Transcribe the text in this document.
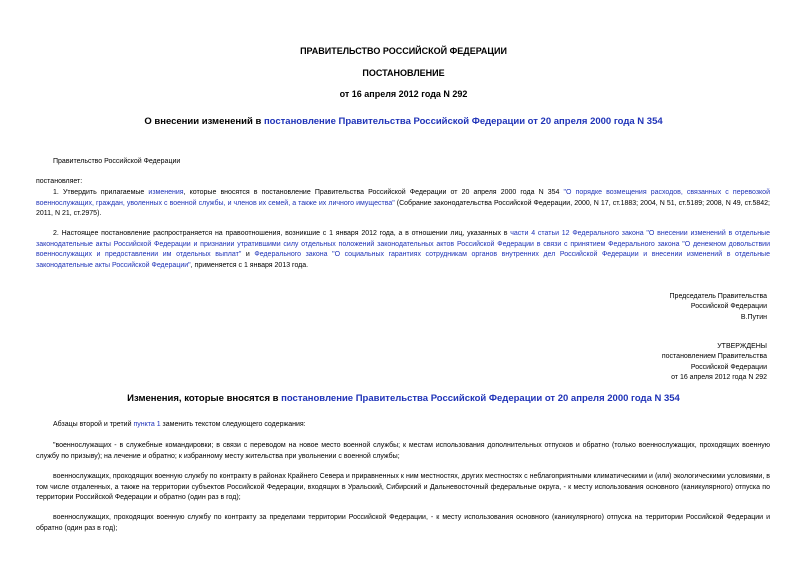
ПРАВИТЕЛЬСТВО РОССИЙСКОЙ ФЕДЕРАЦИИ
ПОСТАНОВЛЕНИЕ
от 16 апреля 2012 года N 292
О внесении изменений в постановление Правительства Российской Федерации от 20 апреля 2000 года N 354
Правительство Российской Федерации
постановляет:
1. Утвердить прилагаемые изменения, которые вносятся в постановление Правительства Российской Федерации от 20 апреля 2000 года N 354 "О порядке возмещения расходов, связанных с перевозкой военнослужащих, граждан, уволенных с военной службы, и членов их семей, а также их личного имущества" (Собрание законодательства Российской Федерации, 2000, N 17, ст.1883; 2004, N 51, ст.5189; 2008, N 49, ст.5842; 2011, N 21, ст.2975).
2. Настоящее постановление распространяется на правоотношения, возникшие с 1 января 2012 года, а в отношении лиц, указанных в части 4 статьи 12 Федерального закона "О внесении изменений в отдельные законодательные акты Российской Федерации и признании утратившими силу отдельных положений законодательных актов Российской Федерации в связи с принятием Федерального закона "О денежном довольствии военнослужащих и предоставлении им отдельных выплат" и Федерального закона "О социальных гарантиях сотрудникам органов внутренних дел Российской Федерации и внесении изменений в отдельные законодательные акты Российской Федерации", применяется с 1 января 2013 года.
Председатель Правительства
Российской Федерации
В.Путин
УТВЕРЖДЕНЫ
постановлением Правительства
Российской Федерации
от 16 апреля 2012 года N 292
Изменения, которые вносятся в постановление Правительства Российской Федерации от 20 апреля 2000 года N 354
Абзацы второй и третий пункта 1 заменить текстом следующего содержания:
"военнослужащих - в служебные командировки; в связи с переводом на новое место военной службы; к местам использования дополнительных отпусков и обратно (только военнослужащих, проходящих военную службу по призыву); на лечение и обратно; к избранному месту жительства при увольнении с военной службы;
военнослужащих, проходящих военную службу по контракту в районах Крайнего Севера и приравненных к ним местностях, других местностях с неблагоприятными климатическими и (или) экологическими условиями, в том числе отдаленных, а также на территории субъектов Российской Федерации, входящих в Уральский, Сибирский и Дальневосточный федеральные округа, - к месту использования основного (каникулярного) отпуска по территории Российской Федерации и обратно (один раз в год);
военнослужащих, проходящих военную службу по контракту за пределами территории Российской Федерации, - к месту использования основного (каникулярного) отпуска на территории Российской Федерации и обратно (один раз в год);
